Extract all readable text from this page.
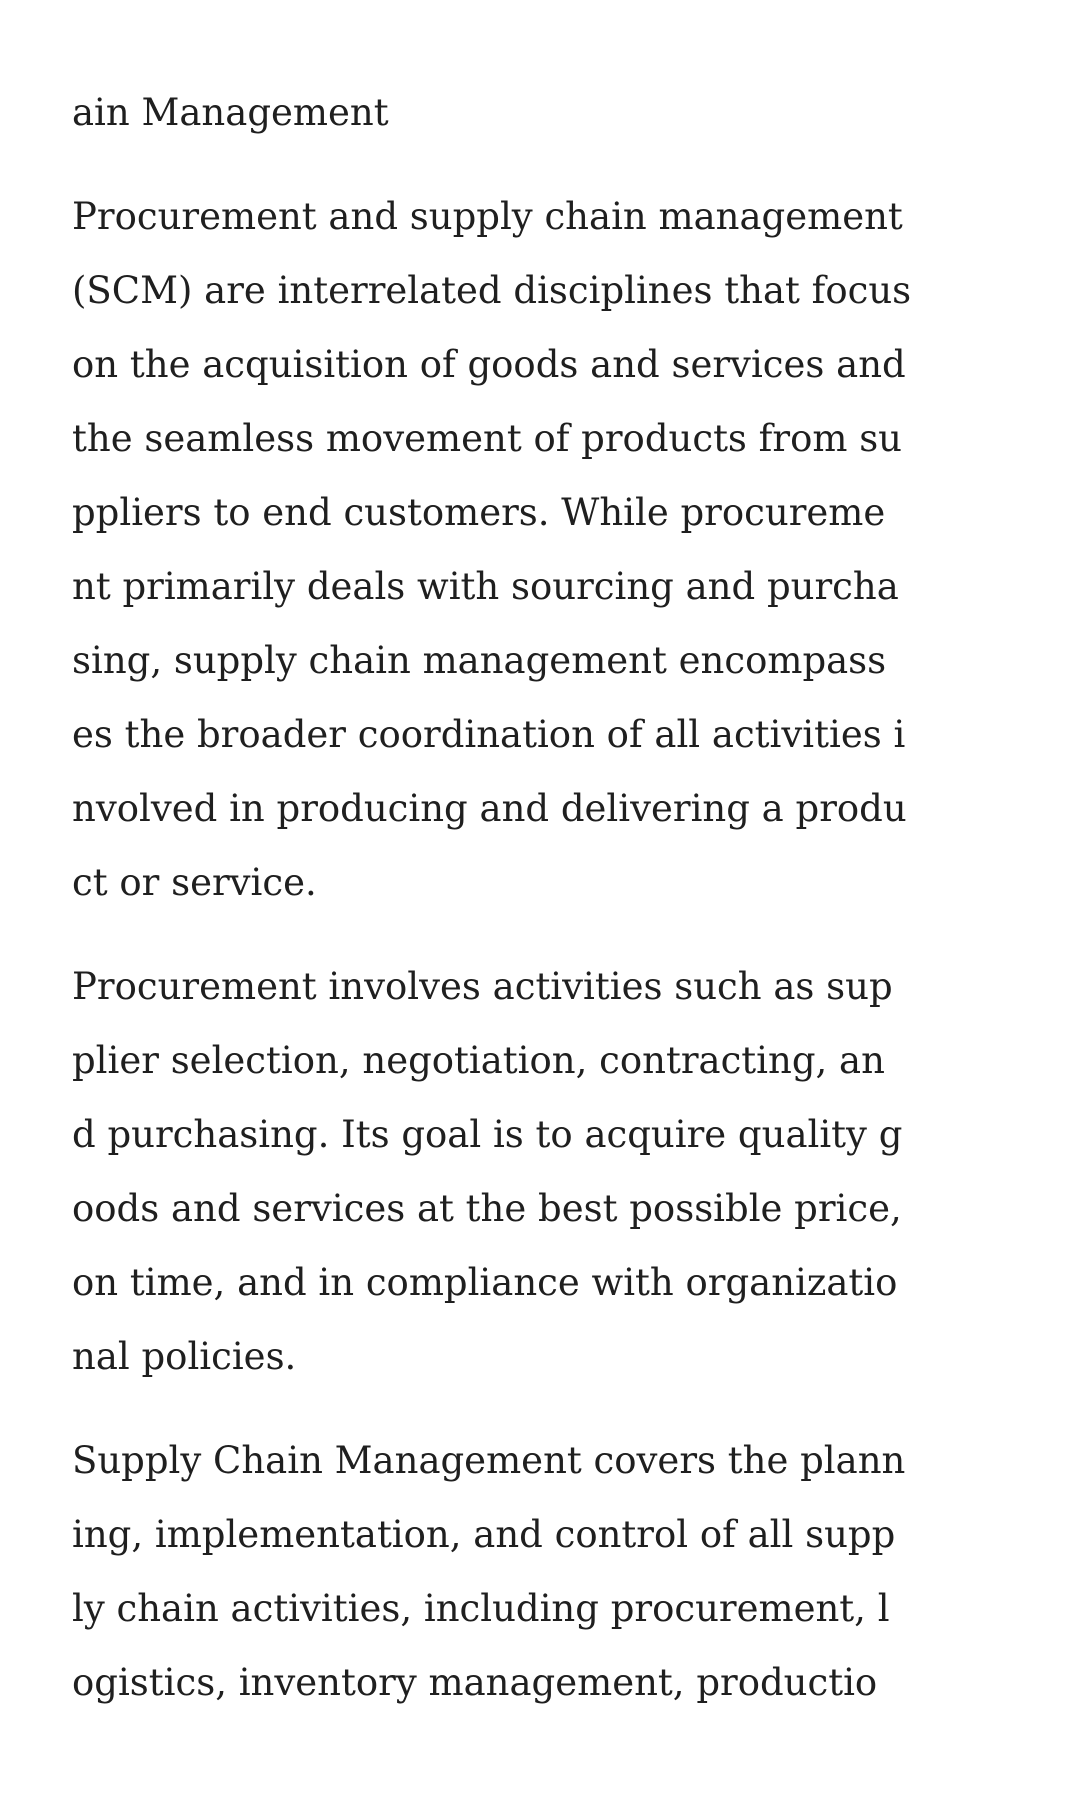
ain Management
Procurement and supply chain management
(SCM) are interrelated disciplines that focus
on the acquisition of goods and services and
the seamless movement of products from su
ppliers to end customers. While procureme
nt primarily deals with sourcing and purcha
sing, supply chain management encompass
es the broader coordination of all activities i
nvolved in producing and delivering a produ
ct or service.
Procurement involves activities such as sup
plier selection, negotiation, contracting, an
d purchasing. Its goal is to acquire quality g
oods and services at the best possible price,
on time, and in compliance with organizatio
nal policies.
Supply Chain Management covers the plann
ing, implementation, and control of all supp
ly chain activities, including procurement, l
ogistics, inventory management, productio
